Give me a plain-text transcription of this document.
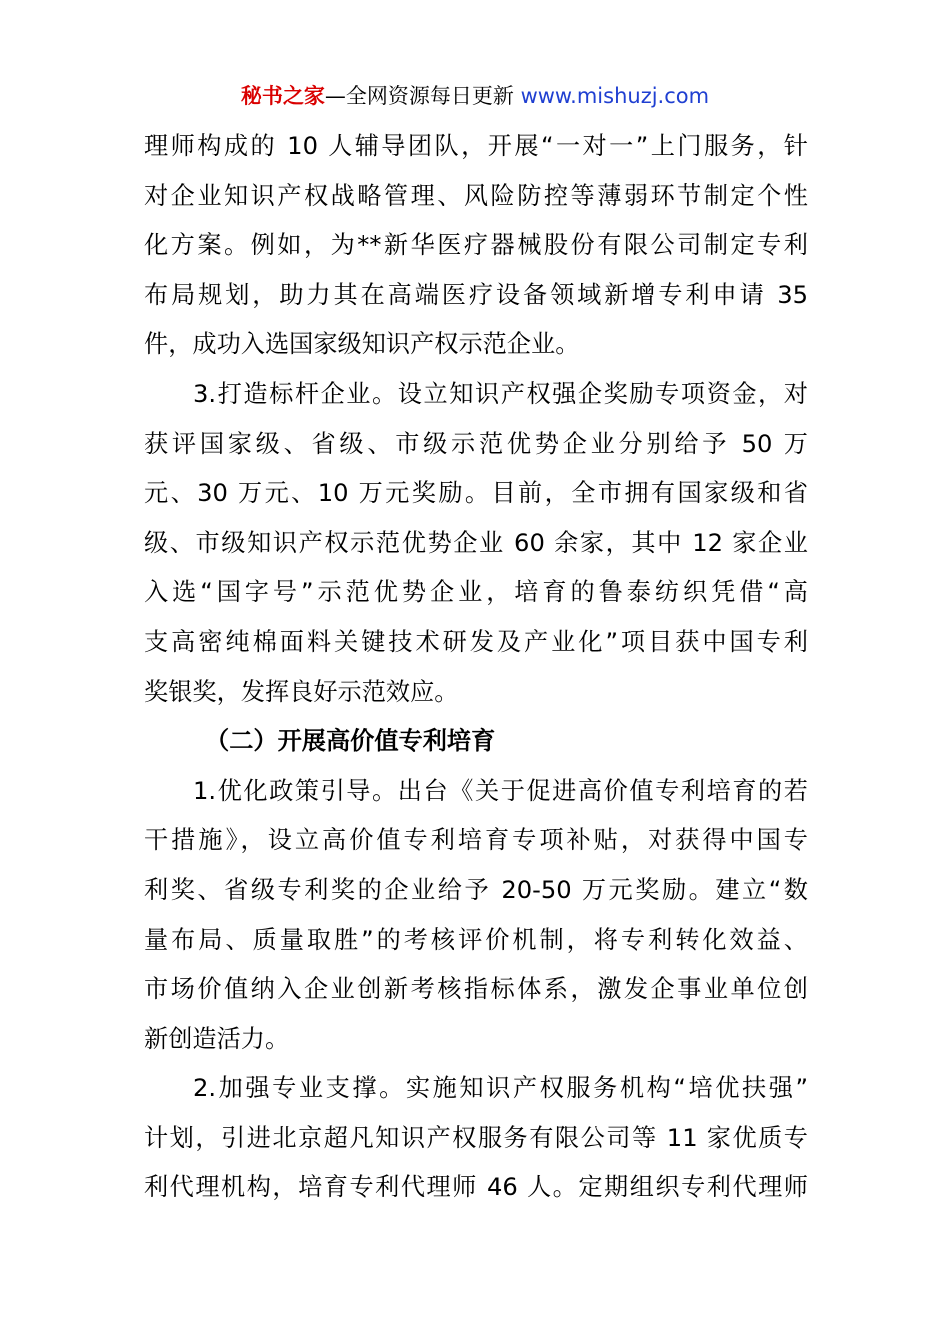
秘书之家—全网资源每日更新 www.mishuzj.com
理师构成的 10 人辅导团队，开展“一对一”上门服务，针
对企业知识产权战略管理、风险防控等薄弱环节制定个性
化方案。例如，为**新华医疗器械股份有限公司制定专利
布局规划，助力其在高端医疗设备领域新增专利申请 35
件，成功入选国家级知识产权示范企业。
3.打造标杆企业。设立知识产权强企奖励专项资金，对
获评国家级、省级、市级示范优势企业分别给予 50 万
元、30 万元、10 万元奖励。目前，全市拥有国家级和省
级、市级知识产权示范优势企业 60 余家，其中 12 家企业
入选“国字号”示范优势企业，培育的鲁泰纺织凭借“高
支高密纯棉面料关键技术研发及产业化”项目获中国专利
奖银奖，发挥良好示范效应。
（二）开展高价值专利培育
1.优化政策引导。出台《关于促进高价值专利培育的若
干措施》，设立高价值专利培育专项补贴，对获得中国专
利奖、省级专利奖的企业给予 20-50 万元奖励。建立“数
量布局、质量取胜”的考核评价机制，将专利转化效益、
市场价值纳入企业创新考核指标体系，激发企事业单位创
新创造活力。
2.加强专业支撑。实施知识产权服务机构“培优扶强”
计划，引进北京超凡知识产权服务有限公司等 11 家优质专
利代理机构，培育专利代理师 46 人。定期组织专利代理师
